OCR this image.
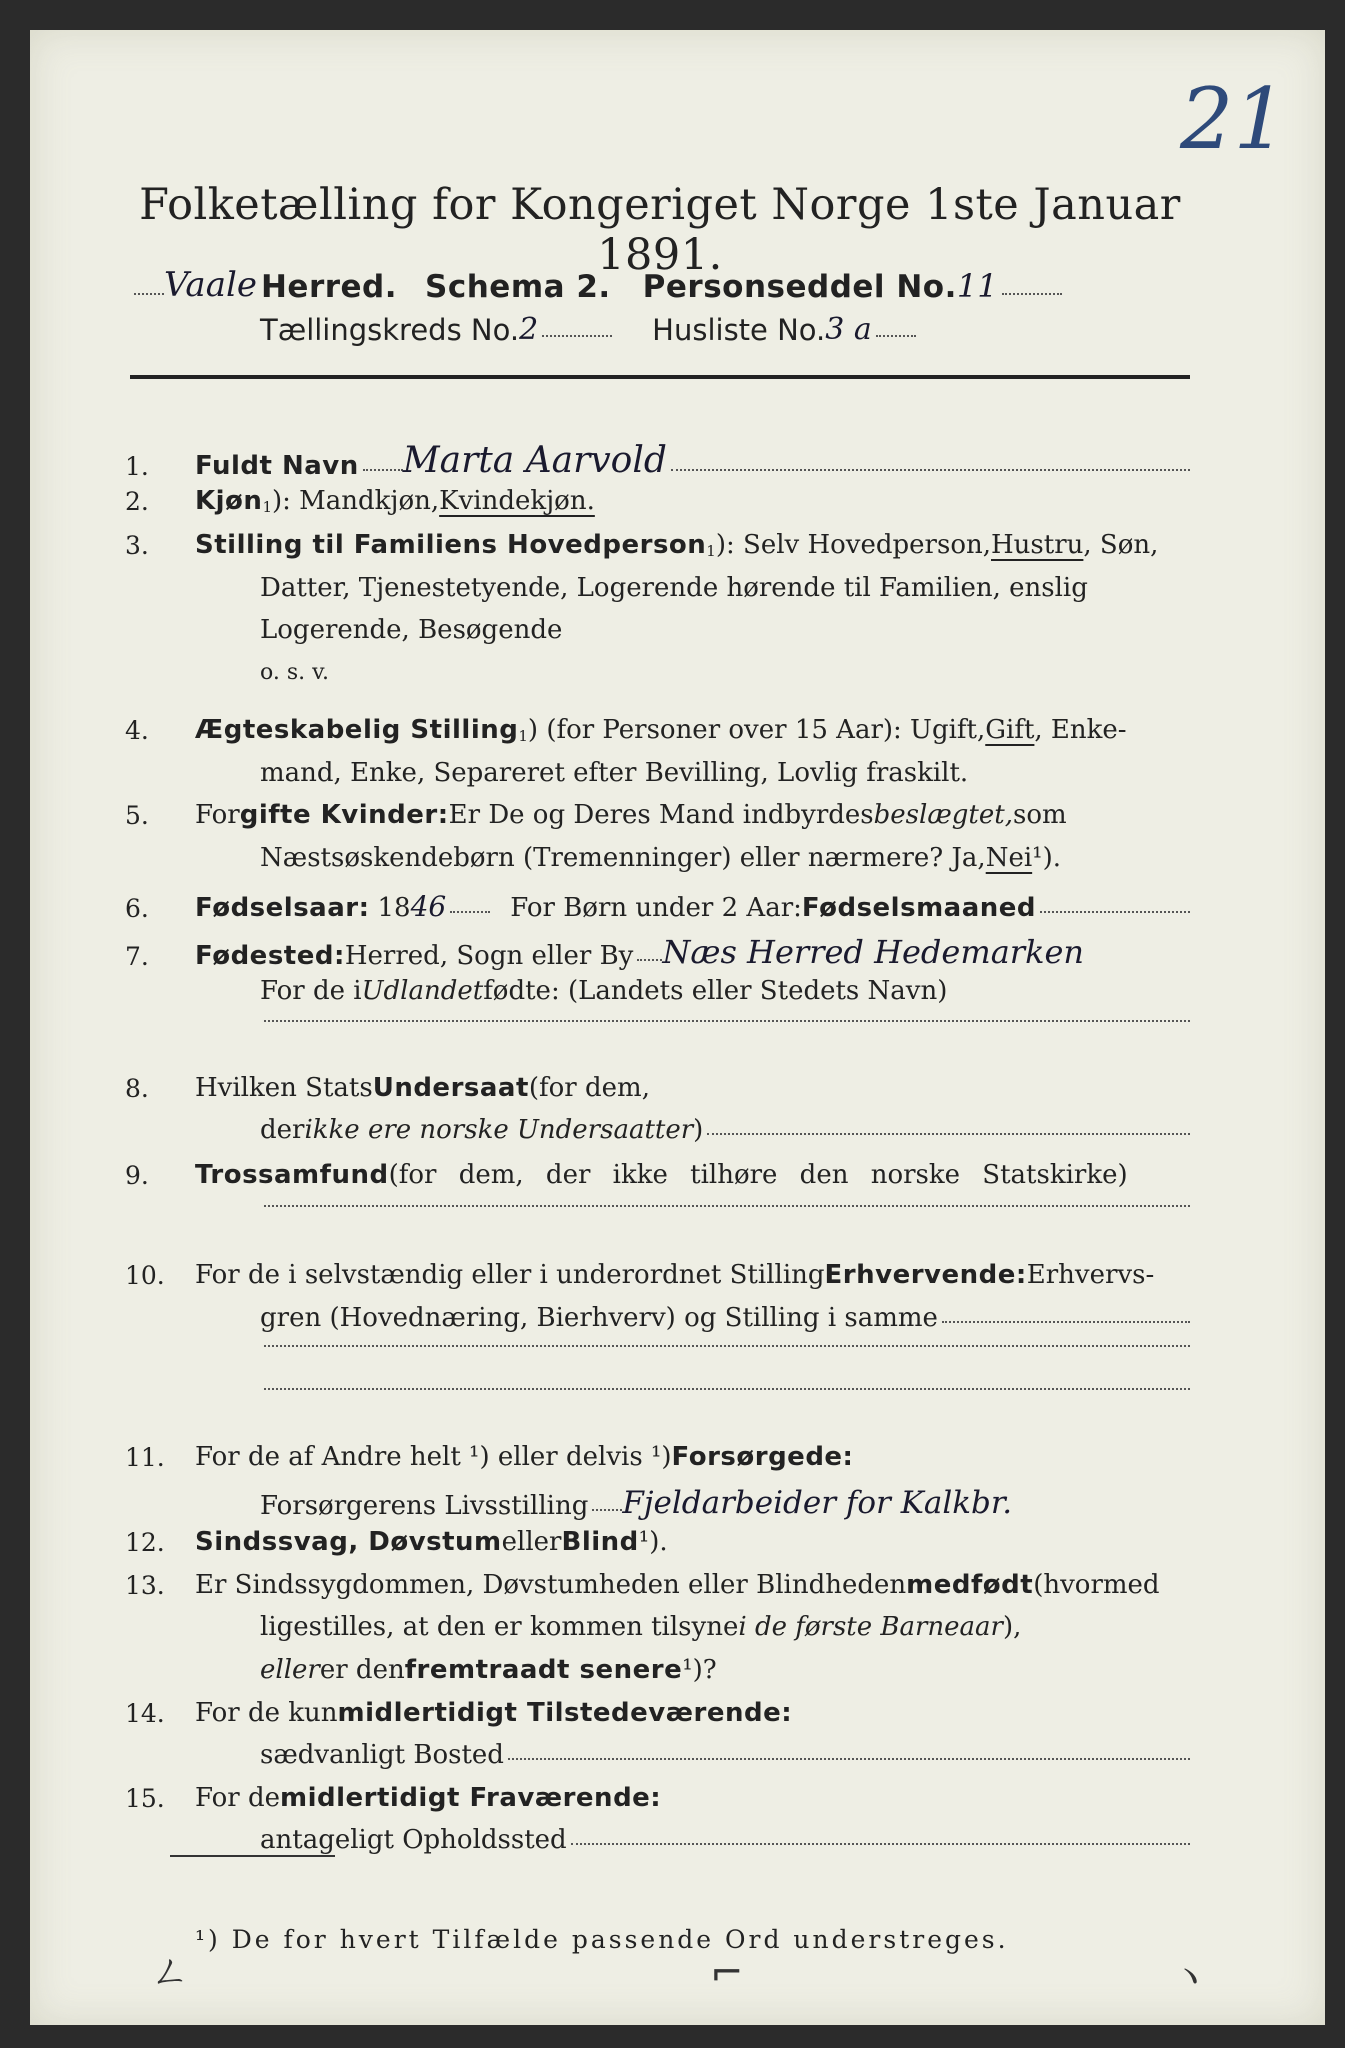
21
Folketælling for Kongeriget Norge 1ste Januar 1891.
Vaale Herred. Schema 2. Personseddel No. 11
Tællingskreds No. 2	Husliste No. 3 a
1.	Fuldt Navn Marta Aarvold
2.	Kjøn 1 ): Mandkjøn, Kvindekjøn.
3.	Stilling til Familiens Hovedperson 1 ): Selv Hovedperson, Hustru , Søn,
Datter, Tjenestetyende, Logerende hørende til Familien, enslig
Logerende, Besøgende
o. s. v.
4.	Ægteskabelig Stilling 1 ) (for Personer over 15 Aar): Ugift, Gift , Enke-
mand, Enke, Separeret efter Bevilling, Lovlig fraskilt.
5.	For gifte Kvinder: Er De og Deres Mand indbyrdes beslægtet, som
Næstsøskendebørn (Tremenninger) eller nærmere? Ja, Nei ¹).
6.	Fødselsaar: 18 46 For Børn under 2 Aar: Fødselsmaaned
7.	Fødested: Herred, Sogn eller By Næs Herred Hedemarken
For de i Udlandet fødte: (Landets eller Stedets Navn)
8.	Hvilken Stats Undersaat (for dem,
der ikke ere norske Undersaatter )
9.	Trossamfund (for dem, der ikke tilhøre den norske Statskirke)
10.	For de i selvstændig eller i underordnet Stilling Erhvervende: Erhvervs-
gren (Hovednæring, Bierhverv) og Stilling i samme
11.	For de af Andre helt ¹) eller delvis ¹) Forsørgede:
Forsørgerens Livsstilling Fjeldarbeider for Kalkbr.
12.	Sindssvag, Døvstum eller Blind ¹).
13.	Er Sindssygdommen, Døvstumheden eller Blindheden medfødt (hvormed
ligestilles, at den er kommen tilsyne i de første Barneaar ),
eller er den fremtraadt senere ¹)?
14.	For de kun midlertidigt Tilstedeværende:
sædvanligt Bosted
15.	For de midlertidigt Fraværende:
antageligt Opholdssted
¹) De for hvert Tilfælde passende Ord understreges.
ㄥ	⌐	ヽ
